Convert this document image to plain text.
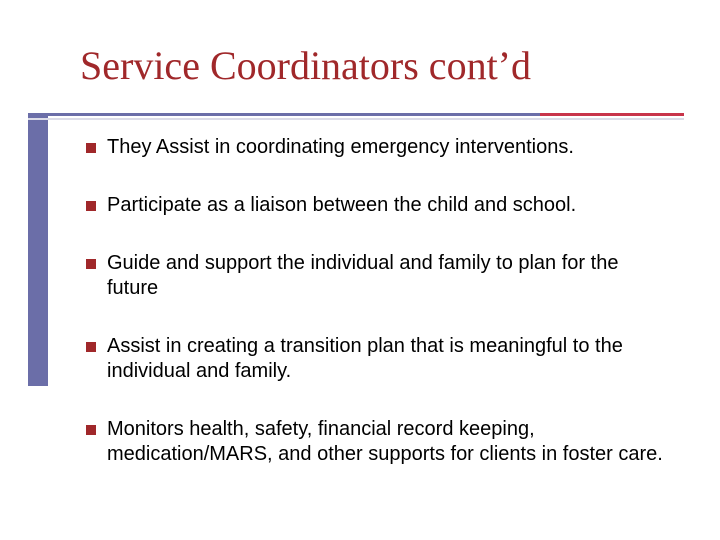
Service Coordinators cont’d
They Assist in coordinating emergency interventions.
Participate as a liaison between the child and school.
Guide and support the individual and family to plan for the future
Assist in creating a transition plan that is meaningful to the individual and family.
Monitors health, safety, financial record keeping, medication/MARS, and other supports for clients in foster care.
